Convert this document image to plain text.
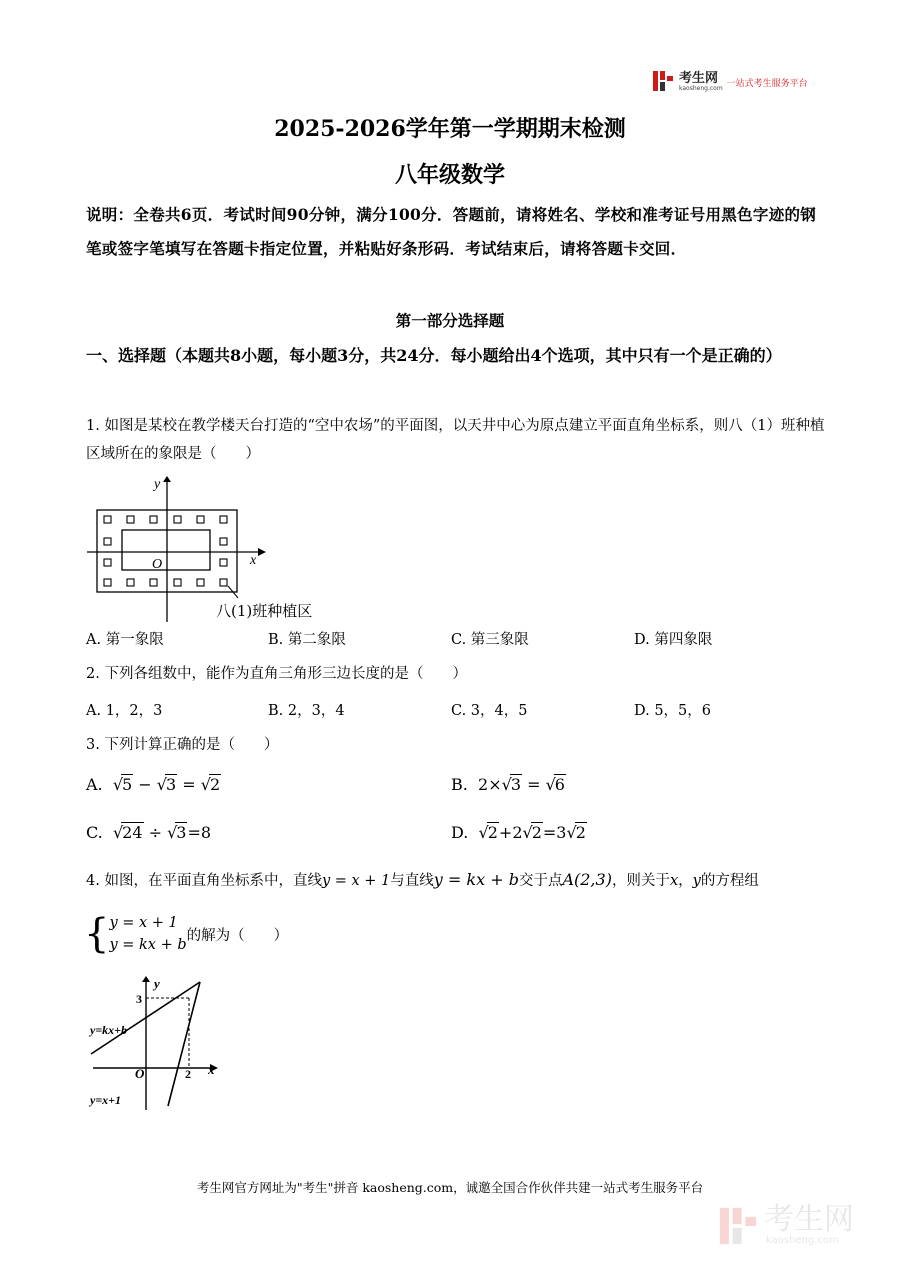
考生网
kaosheng.com 一站式考生服务平台
2025-2026学年第一学期期末检测
八年级数学
说明：全卷共6页．考试时间90分钟，满分100分．答题前，请将姓名、学校和准考证号用黑色字迹的钢笔或签字笔填写在答题卡指定位置，并粘贴好条形码．考试结束后，请将答题卡交回．
第一部分选择题
一、选择题（本题共8小题，每小题3分，共24分．每小题给出4个选项，其中只有一个是正确的）
1. 如图是某校在教学楼天台打造的“空中农场”的平面图，以天井中心为原点建立平面直角坐标系，则八（1）班种植区域所在的象限是（　　）
x
y
O
八(1)班种植区
A. 第一象限	B. 第二象限	C. 第三象限	D. 第四象限
2. 下列各组数中，能作为直角三角形三边长度的是（　　）
A. 1，2，3	B. 2，3，4	C. 3，4，5	D. 5，5，6
3. 下列计算正确的是（　　）
A.  √5 − √3 = √2	B. 2×√3 = √6
C.  √24 ÷ √3=8	D.  √2+2√2=3√2
4. 如图，在平面直角坐标系中，直线y = x + 1与直线y = kx + b交于点A(2,3)，则关于x，y的方程组
{ y = x + 1
y = kx + b
的解为（　　）
y
x
3
2
O
y=kx+b
y=x+1
考生网官方网址为"考生"拼音 kaosheng.com，诚邀全国合作伙伴共建一站式考生服务平台
考生网
kaosheng.com
